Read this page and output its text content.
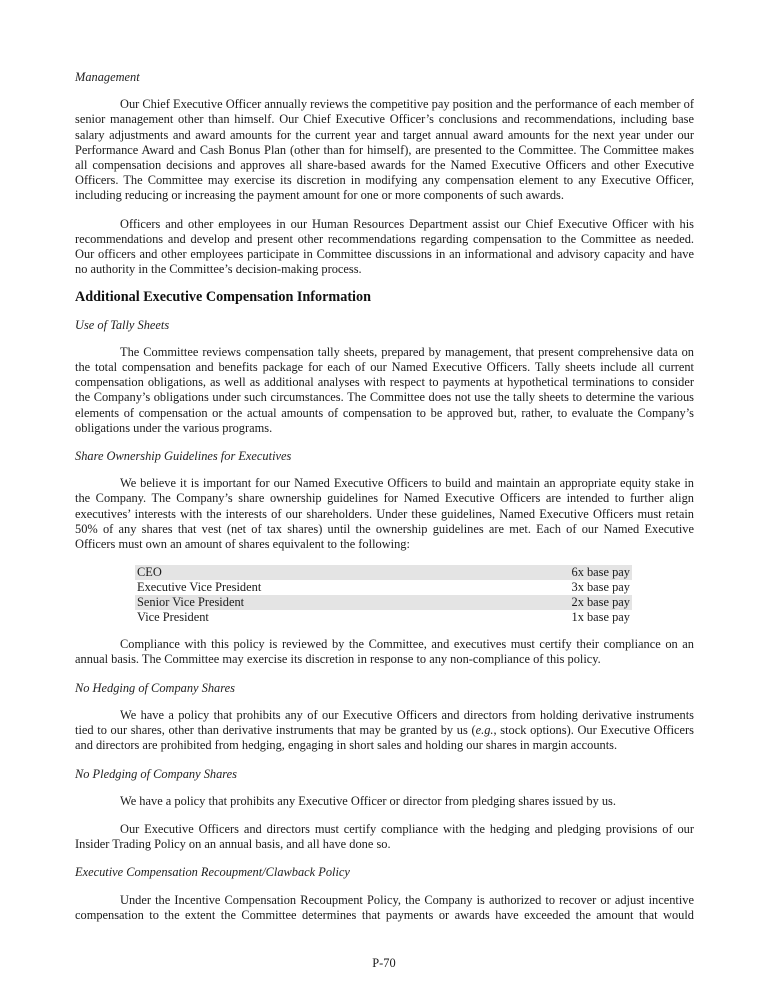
Management

Our Chief Executive Officer annually reviews the competitive pay position and the performance of each member of senior management other than himself. Our Chief Executive Officer’s conclusions and recommendations, including base salary adjustments and award amounts for the current year and target annual award amounts for the next year under our Performance Award and Cash Bonus Plan (other than for himself), are presented to the Committee. The Committee makes all compensation decisions and approves all share-based awards for the Named Executive Officers and other Executive Officers. The Committee may exercise its discretion in modifying any compensation element to any Executive Officer, including reducing or increasing the payment amount for one or more components of such awards.

Officers and other employees in our Human Resources Department assist our Chief Executive Officer with his recommendations and develop and present other recommendations regarding compensation to the Committee as needed. Our officers and other employees participate in Committee discussions in an informational and advisory capacity and have no authority in the Committee’s decision-making process.

Additional Executive Compensation Information

Use of Tally Sheets

The Committee reviews compensation tally sheets, prepared by management, that present comprehensive data on the total compensation and benefits package for each of our Named Executive Officers. Tally sheets include all current compensation obligations, as well as additional analyses with respect to payments at hypothetical terminations to consider the Company’s obligations under such circumstances. The Committee does not use the tally sheets to determine the various elements of compensation or the actual amounts of compensation to be approved but, rather, to evaluate the Company’s obligations under the various programs.

Share Ownership Guidelines for Executives

We believe it is important for our Named Executive Officers to build and maintain an appropriate equity stake in the Company. The Company’s share ownership guidelines for Named Executive Officers are intended to further align executives’ interests with the interests of our shareholders. Under these guidelines, Named Executive Officers must retain 50% of any shares that vest (net of tax shares) until the ownership guidelines are met. Each of our Named Executive Officers must own an amount of shares equivalent to the following:

CEO	6x base pay
Executive Vice President	3x base pay
Senior Vice President	2x base pay
Vice President	1x base pay

Compliance with this policy is reviewed by the Committee, and executives must certify their compliance on an annual basis. The Committee may exercise its discretion in response to any non-compliance of this policy.

No Hedging of Company Shares

We have a policy that prohibits any of our Executive Officers and directors from holding derivative instruments tied to our shares, other than derivative instruments that may be granted by us (e.g., stock options). Our Executive Officers and directors are prohibited from hedging, engaging in short sales and holding our shares in margin accounts.

No Pledging of Company Shares

We have a policy that prohibits any Executive Officer or director from pledging shares issued by us.

Our Executive Officers and directors must certify compliance with the hedging and pledging provisions of our Insider Trading Policy on an annual basis, and all have done so.

Executive Compensation Recoupment/Clawback Policy

Under the Incentive Compensation Recoupment Policy, the Company is authorized to recover or adjust incentive compensation to the extent the Committee determines that payments or awards have exceeded the amount that would

P-70
